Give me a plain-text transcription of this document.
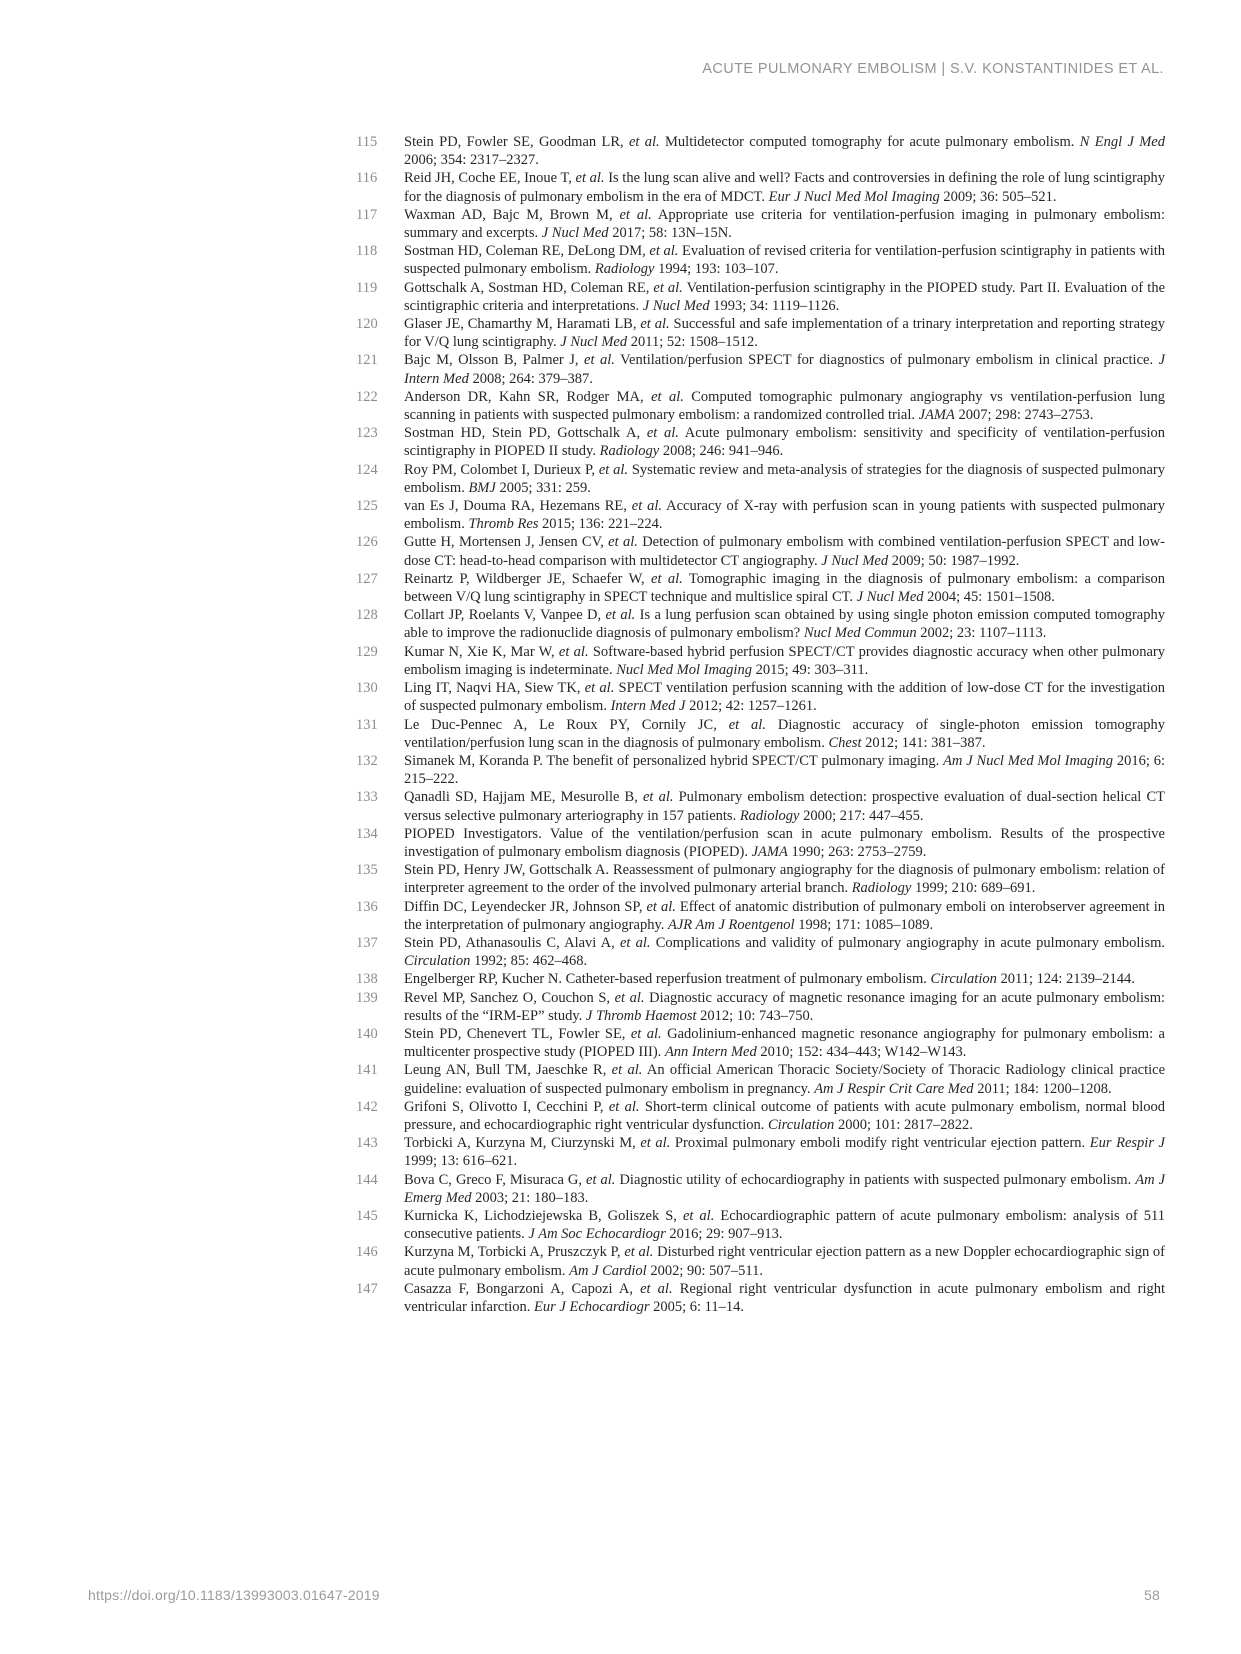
ACUTE PULMONARY EMBOLISM | S.V. KONSTANTINIDES ET AL.
115	Stein PD, Fowler SE, Goodman LR, et al. Multidetector computed tomography for acute pulmonary embolism. N Engl J Med 2006; 354: 2317–2327.
116	Reid JH, Coche EE, Inoue T, et al. Is the lung scan alive and well? Facts and controversies in defining the role of lung scintigraphy for the diagnosis of pulmonary embolism in the era of MDCT. Eur J Nucl Med Mol Imaging 2009; 36: 505–521.
117	Waxman AD, Bajc M, Brown M, et al. Appropriate use criteria for ventilation-perfusion imaging in pulmonary embolism: summary and excerpts. J Nucl Med 2017; 58: 13N–15N.
118	Sostman HD, Coleman RE, DeLong DM, et al. Evaluation of revised criteria for ventilation-perfusion scintigraphy in patients with suspected pulmonary embolism. Radiology 1994; 193: 103–107.
119	Gottschalk A, Sostman HD, Coleman RE, et al. Ventilation-perfusion scintigraphy in the PIOPED study. Part II. Evaluation of the scintigraphic criteria and interpretations. J Nucl Med 1993; 34: 1119–1126.
120	Glaser JE, Chamarthy M, Haramati LB, et al. Successful and safe implementation of a trinary interpretation and reporting strategy for V/Q lung scintigraphy. J Nucl Med 2011; 52: 1508–1512.
121	Bajc M, Olsson B, Palmer J, et al. Ventilation/perfusion SPECT for diagnostics of pulmonary embolism in clinical practice. J Intern Med 2008; 264: 379–387.
122	Anderson DR, Kahn SR, Rodger MA, et al. Computed tomographic pulmonary angiography vs ventilation-perfusion lung scanning in patients with suspected pulmonary embolism: a randomized controlled trial. JAMA 2007; 298: 2743–2753.
123	Sostman HD, Stein PD, Gottschalk A, et al. Acute pulmonary embolism: sensitivity and specificity of ventilation-perfusion scintigraphy in PIOPED II study. Radiology 2008; 246: 941–946.
124	Roy PM, Colombet I, Durieux P, et al. Systematic review and meta-analysis of strategies for the diagnosis of suspected pulmonary embolism. BMJ 2005; 331: 259.
125	van Es J, Douma RA, Hezemans RE, et al. Accuracy of X-ray with perfusion scan in young patients with suspected pulmonary embolism. Thromb Res 2015; 136: 221–224.
126	Gutte H, Mortensen J, Jensen CV, et al. Detection of pulmonary embolism with combined ventilation-perfusion SPECT and low-dose CT: head-to-head comparison with multidetector CT angiography. J Nucl Med 2009; 50: 1987–1992.
127	Reinartz P, Wildberger JE, Schaefer W, et al. Tomographic imaging in the diagnosis of pulmonary embolism: a comparison between V/Q lung scintigraphy in SPECT technique and multislice spiral CT. J Nucl Med 2004; 45: 1501–1508.
128	Collart JP, Roelants V, Vanpee D, et al. Is a lung perfusion scan obtained by using single photon emission computed tomography able to improve the radionuclide diagnosis of pulmonary embolism? Nucl Med Commun 2002; 23: 1107–1113.
129	Kumar N, Xie K, Mar W, et al. Software-based hybrid perfusion SPECT/CT provides diagnostic accuracy when other pulmonary embolism imaging is indeterminate. Nucl Med Mol Imaging 2015; 49: 303–311.
130	Ling IT, Naqvi HA, Siew TK, et al. SPECT ventilation perfusion scanning with the addition of low-dose CT for the investigation of suspected pulmonary embolism. Intern Med J 2012; 42: 1257–1261.
131	Le Duc-Pennec A, Le Roux PY, Cornily JC, et al. Diagnostic accuracy of single-photon emission tomography ventilation/perfusion lung scan in the diagnosis of pulmonary embolism. Chest 2012; 141: 381–387.
132	Simanek M, Koranda P. The benefit of personalized hybrid SPECT/CT pulmonary imaging. Am J Nucl Med Mol Imaging 2016; 6: 215–222.
133	Qanadli SD, Hajjam ME, Mesurolle B, et al. Pulmonary embolism detection: prospective evaluation of dual-section helical CT versus selective pulmonary arteriography in 157 patients. Radiology 2000; 217: 447–455.
134	PIOPED Investigators. Value of the ventilation/perfusion scan in acute pulmonary embolism. Results of the prospective investigation of pulmonary embolism diagnosis (PIOPED). JAMA 1990; 263: 2753–2759.
135	Stein PD, Henry JW, Gottschalk A. Reassessment of pulmonary angiography for the diagnosis of pulmonary embolism: relation of interpreter agreement to the order of the involved pulmonary arterial branch. Radiology 1999; 210: 689–691.
136	Diffin DC, Leyendecker JR, Johnson SP, et al. Effect of anatomic distribution of pulmonary emboli on interobserver agreement in the interpretation of pulmonary angiography. AJR Am J Roentgenol 1998; 171: 1085–1089.
137	Stein PD, Athanasoulis C, Alavi A, et al. Complications and validity of pulmonary angiography in acute pulmonary embolism. Circulation 1992; 85: 462–468.
138	Engelberger RP, Kucher N. Catheter-based reperfusion treatment of pulmonary embolism. Circulation 2011; 124: 2139–2144.
139	Revel MP, Sanchez O, Couchon S, et al. Diagnostic accuracy of magnetic resonance imaging for an acute pulmonary embolism: results of the “IRM-EP” study. J Thromb Haemost 2012; 10: 743–750.
140	Stein PD, Chenevert TL, Fowler SE, et al. Gadolinium-enhanced magnetic resonance angiography for pulmonary embolism: a multicenter prospective study (PIOPED III). Ann Intern Med 2010; 152: 434–443; W142–W143.
141	Leung AN, Bull TM, Jaeschke R, et al. An official American Thoracic Society/Society of Thoracic Radiology clinical practice guideline: evaluation of suspected pulmonary embolism in pregnancy. Am J Respir Crit Care Med 2011; 184: 1200–1208.
142	Grifoni S, Olivotto I, Cecchini P, et al. Short-term clinical outcome of patients with acute pulmonary embolism, normal blood pressure, and echocardiographic right ventricular dysfunction. Circulation 2000; 101: 2817–2822.
143	Torbicki A, Kurzyna M, Ciurzynski M, et al. Proximal pulmonary emboli modify right ventricular ejection pattern. Eur Respir J 1999; 13: 616–621.
144	Bova C, Greco F, Misuraca G, et al. Diagnostic utility of echocardiography in patients with suspected pulmonary embolism. Am J Emerg Med 2003; 21: 180–183.
145	Kurnicka K, Lichodziejewska B, Goliszek S, et al. Echocardiographic pattern of acute pulmonary embolism: analysis of 511 consecutive patients. J Am Soc Echocardiogr 2016; 29: 907–913.
146	Kurzyna M, Torbicki A, Pruszczyk P, et al. Disturbed right ventricular ejection pattern as a new Doppler echocardiographic sign of acute pulmonary embolism. Am J Cardiol 2002; 90: 507–511.
147	Casazza F, Bongarzoni A, Capozi A, et al. Regional right ventricular dysfunction in acute pulmonary embolism and right ventricular infarction. Eur J Echocardiogr 2005; 6: 11–14.
https://doi.org/10.1183/13993003.01647-2019	58
